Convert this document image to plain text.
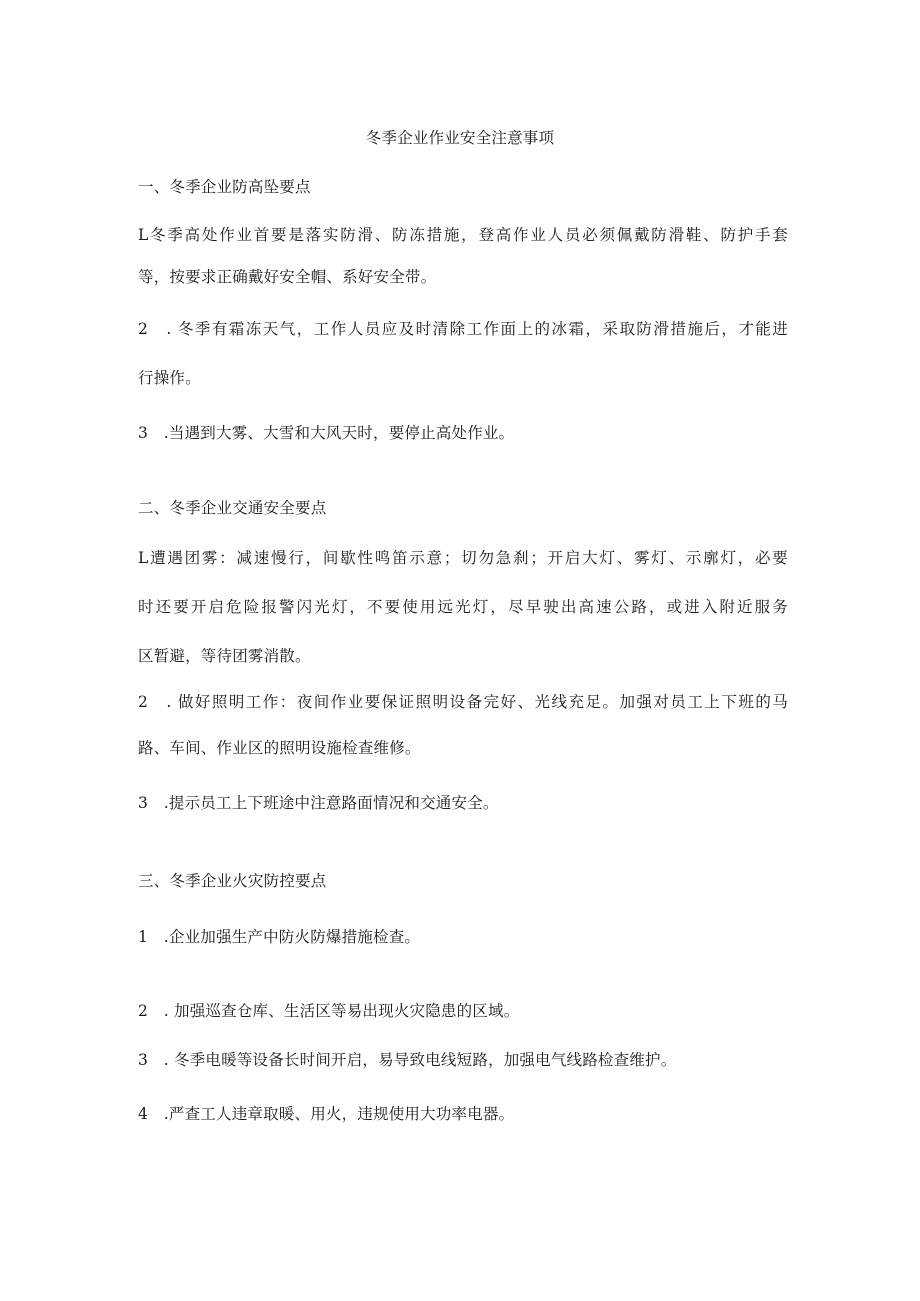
冬季企业作业安全注意事项
一、冬季企业防高坠要点
L冬季高处作业首要是落实防滑、防冻措施，登高作业人员必须佩戴防滑鞋、防护手套
等，按要求正确戴好安全帽、系好安全带。
2　. 冬季有霜冻天气，工作人员应及时清除工作面上的冰霜，采取防滑措施后，才能进
行操作。
3　.当遇到大雾、大雪和大风天时，要停止高处作业。
二、冬季企业交通安全要点
L遭遇团雾：减速慢行，间歇性鸣笛示意；切勿急刹；开启大灯、雾灯、示廓灯，必要
时还要开启危险报警闪光灯，不要使用远光灯，尽早驶出高速公路，或进入附近服务
区暂避，等待团雾消散。
2　. 做好照明工作：夜间作业要保证照明设备完好、光线充足。加强对员工上下班的马
路、车间、作业区的照明设施检查维修。
3　.提示员工上下班途中注意路面情况和交通安全。
三、冬季企业火灾防控要点
1　.企业加强生产中防火防爆措施检查。
2　. 加强巡查仓库、生活区等易出现火灾隐患的区域。
3　. 冬季电暖等设备长时间开启，易导致电线短路，加强电气线路检查维护。
4　.严查工人违章取暖、用火，违规使用大功率电器。
